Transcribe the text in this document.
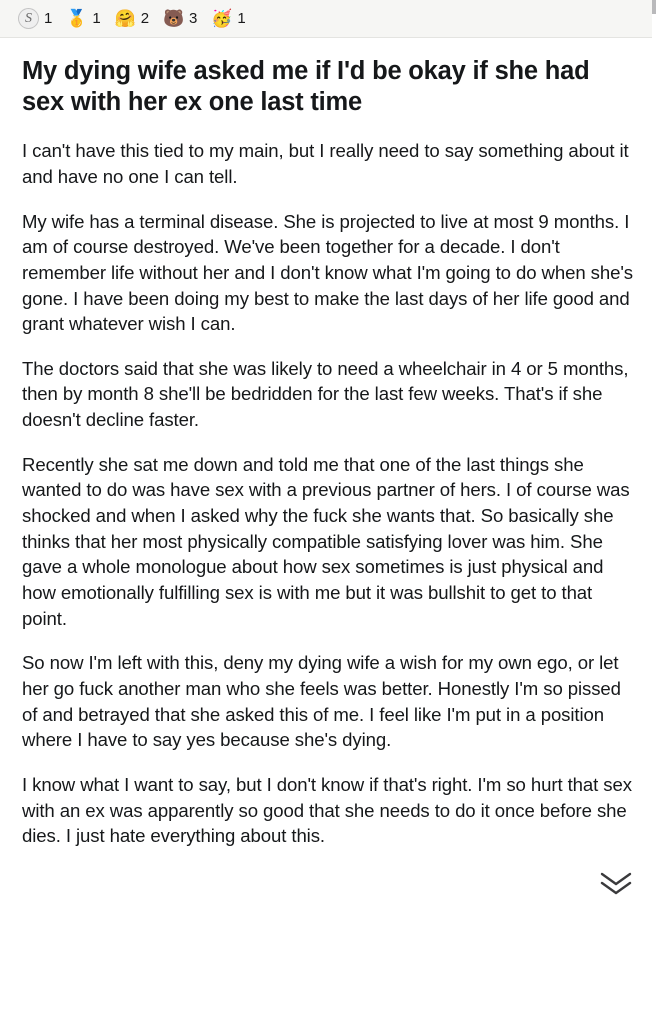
S 1 🥇 1 🤗 2 🐻 3 🥳 1
My dying wife asked me if I'd be okay if she had sex with her ex one last time

I can't have this tied to my main, but I really need to say something about it and have no one I can tell.

My wife has a terminal disease. She is projected to live at most 9 months. I am of course destroyed. We've been together for a decade. I don't remember life without her and I don't know what I'm going to do when she's gone. I have been doing my best to make the last days of her life good and grant whatever wish I can.

The doctors said that she was likely to need a wheelchair in 4 or 5 months, then by month 8 she'll be bedridden for the last few weeks. That's if she doesn't decline faster.

Recently she sat me down and told me that one of the last things she wanted to do was have sex with a previous partner of hers. I of course was shocked and when I asked why the fuck she wants that. So basically she thinks that her most physically compatible satisfying lover was him. She gave a whole monologue about how sex sometimes is just physical and how emotionally fulfilling sex is with me but it was bullshit to get to that point.

So now I'm left with this, deny my dying wife a wish for my own ego, or let her go fuck another man who she feels was better. Honestly I'm so pissed of and betrayed that she asked this of me. I feel like I'm put in a position where I have to say yes because she's dying.

I know what I want to say, but I don't know if that's right. I'm so hurt that sex with an ex was apparently so good that she needs to do it once before she dies. I just hate everything about this.
